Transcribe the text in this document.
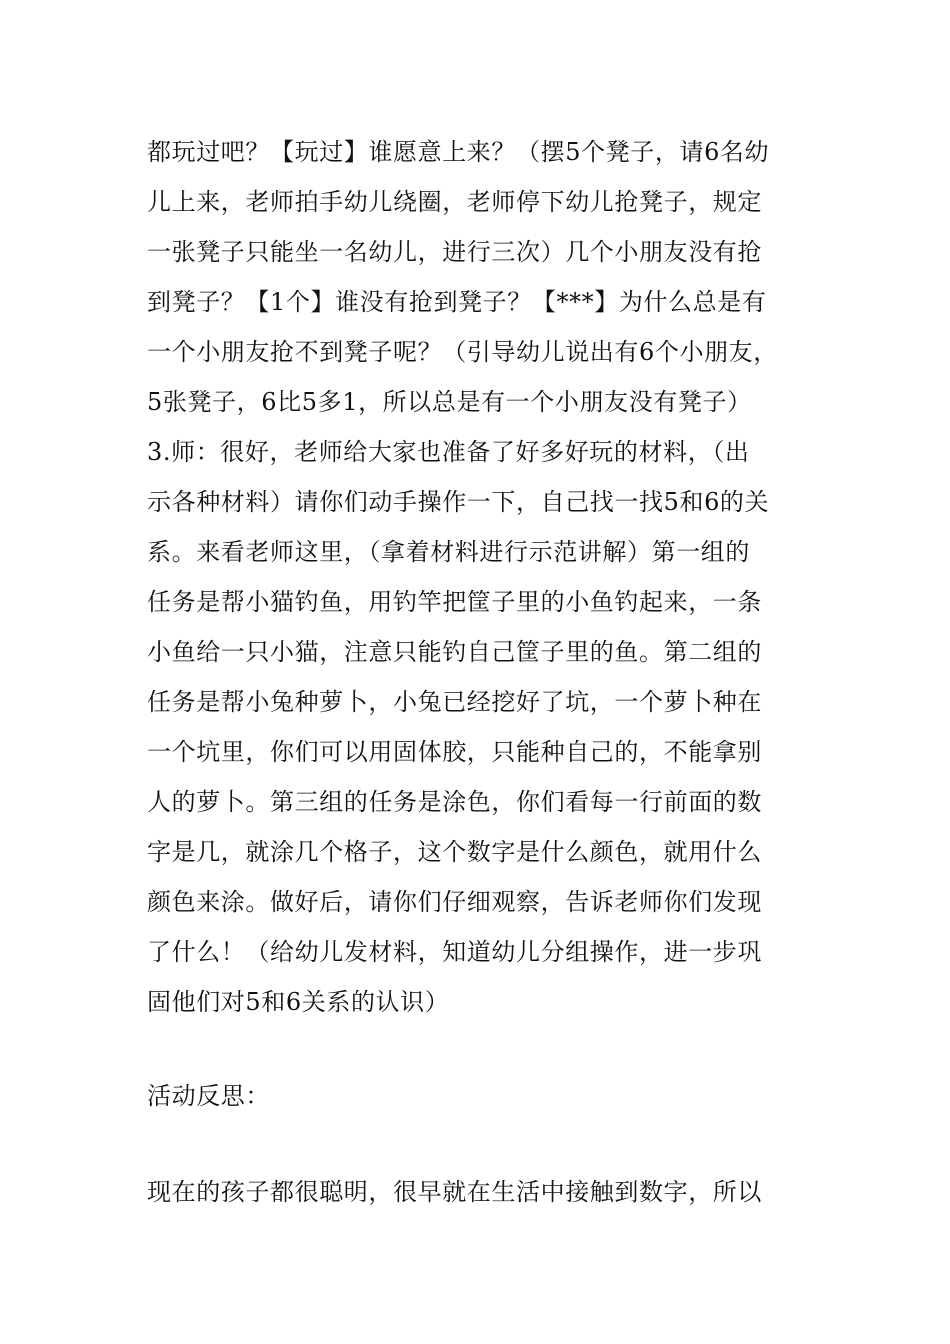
都玩过吧？【玩过】谁愿意上来？（摆5个凳子，请6名幼
儿上来，老师拍手幼儿绕圈，老师停下幼儿抢凳子，规定
一张凳子只能坐一名幼儿，进行三次）几个小朋友没有抢
到凳子？【1个】谁没有抢到凳子？【***】为什么总是有
一个小朋友抢不到凳子呢？（引导幼儿说出有6个小朋友，
5张凳子，6比5多1，所以总是有一个小朋友没有凳子）
3.师：很好，老师给大家也准备了好多好玩的材料，（出
示各种材料）请你们动手操作一下，自己找一找5和6的关
系。来看老师这里，（拿着材料进行示范讲解）第一组的
任务是帮小猫钓鱼，用钓竿把筐子里的小鱼钓起来，一条
小鱼给一只小猫，注意只能钓自己筐子里的鱼。第二组的
任务是帮小兔种萝卜，小兔已经挖好了坑，一个萝卜种在
一个坑里，你们可以用固体胶，只能种自己的，不能拿别
人的萝卜。第三组的任务是涂色，你们看每一行前面的数
字是几，就涂几个格子，这个数字是什么颜色，就用什么
颜色来涂。做好后，请你们仔细观察，告诉老师你们发现
了什么！（给幼儿发材料，知道幼儿分组操作，进一步巩
固他们对5和6关系的认识）
活动反思：
现在的孩子都很聪明，很早就在生活中接触到数字，所以
